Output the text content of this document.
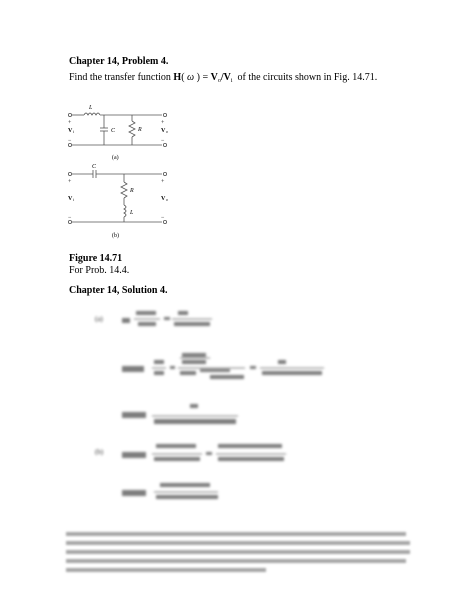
Chapter 14, Problem 4.
Find the transfer function H( ω ) = $V_o/V_i$ of the circuits shown in Fig. 14.71.
L
C	R
+
V i
−
+
V o
−
(a)
C
R
L
+
V i
−
+
V o
−
(b)
Figure 14.71
For Prob. 14.4.
Chapter 14, Solution 4.
(a)
(b)
